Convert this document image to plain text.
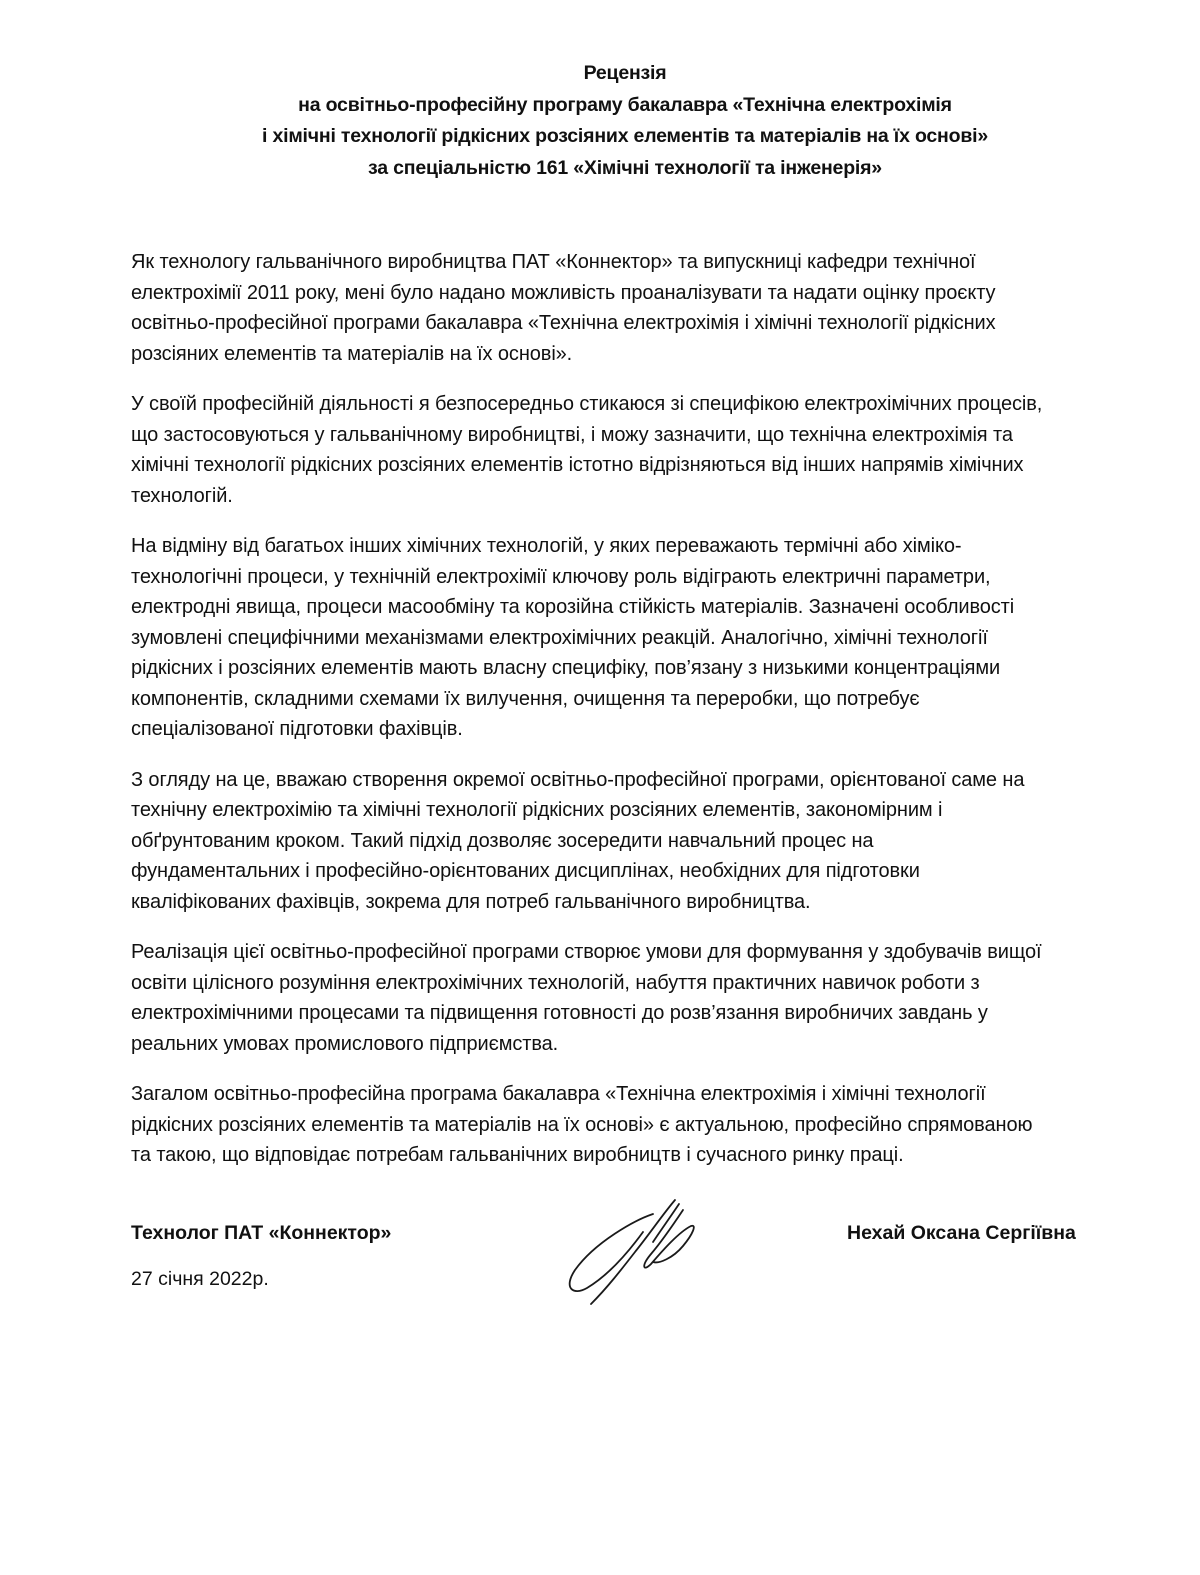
Рецензія
на освітньо-професійну програму бакалавра «Технічна електрохімія
і хімічні технології рідкісних розсіяних елементів та матеріалів на їх основі»
за спеціальністю 161 «Хімічні технології та інженерія»

Як технологу гальванічного виробництва ПАТ «Коннектор» та випускниці кафедри технічної
електрохімії 2011 року, мені було надано можливість проаналізувати та надати оцінку проєкту
освітньо-професійної програми бакалавра «Технічна електрохімія і хімічні технології рідкісних
розсіяних елементів та матеріалів на їх основі».

У своїй професійній діяльності я безпосередньо стикаюся зі специфікою електрохімічних процесів,
що застосовуються у гальванічному виробництві, і можу зазначити, що технічна електрохімія та
хімічні технології рідкісних розсіяних елементів істотно відрізняються від інших напрямів хімічних
технологій.

На відміну від багатьох інших хімічних технологій, у яких переважають термічні або хіміко-
технологічні процеси, у технічній електрохімії ключову роль відіграють електричні параметри,
електродні явища, процеси масообміну та корозійна стійкість матеріалів. Зазначені особливості
зумовлені специфічними механізмами електрохімічних реакцій. Аналогічно, хімічні технології
рідкісних і розсіяних елементів мають власну специфіку, пов’язану з низькими концентраціями
компонентів, складними схемами їх вилучення, очищення та переробки, що потребує
спеціалізованої підготовки фахівців.

З огляду на це, вважаю створення окремої освітньо-професійної програми, орієнтованої саме на
технічну електрохімію та хімічні технології рідкісних розсіяних елементів, закономірним і
обґрунтованим кроком. Такий підхід дозволяє зосередити навчальний процес на
фундаментальних і професійно-орієнтованих дисциплінах, необхідних для підготовки
кваліфікованих фахівців, зокрема для потреб гальванічного виробництва.

Реалізація цієї освітньо-професійної програми створює умови для формування у здобувачів вищої
освіти цілісного розуміння електрохімічних технологій, набуття практичних навичок роботи з
електрохімічними процесами та підвищення готовності до розв’язання виробничих завдань у
реальних умовах промислового підприємства.

Загалом освітньо-професійна програма бакалавра «Технічна електрохімія і хімічні технології
рідкісних розсіяних елементів та матеріалів на їх основі» є актуальною, професійно спрямованою
та такою, що відповідає потребам гальванічних виробництв і сучасного ринку праці.

Технолог ПАТ «Коннектор»
27 січня 2022р.
Нехай Оксана Сергіївна
